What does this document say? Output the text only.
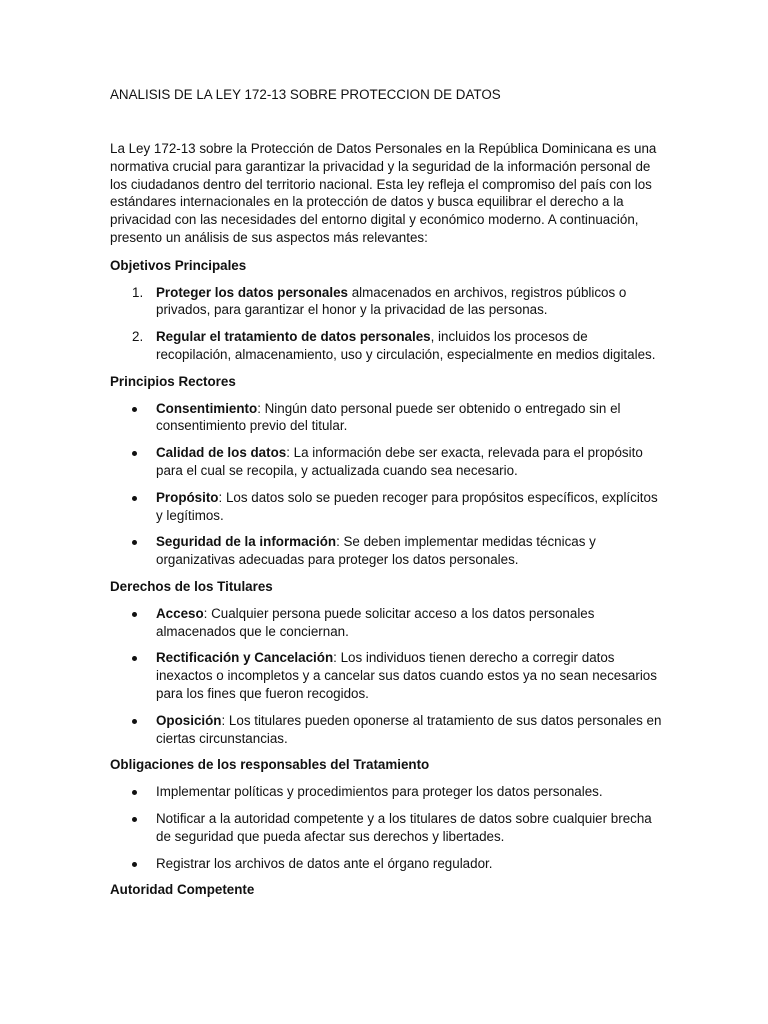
ANALISIS DE LA LEY 172-13 SOBRE PROTECCION DE DATOS

La Ley 172-13 sobre la Protección de Datos Personales en la República Dominicana es una normativa crucial para garantizar la privacidad y la seguridad de la información personal de los ciudadanos dentro del territorio nacional. Esta ley refleja el compromiso del país con los estándares internacionales en la protección de datos y busca equilibrar el derecho a la privacidad con las necesidades del entorno digital y económico moderno. A continuación, presento un análisis de sus aspectos más relevantes:

Objetivos Principales

1. Proteger los datos personales almacenados en archivos, registros públicos o privados, para garantizar el honor y la privacidad de las personas.
2. Regular el tratamiento de datos personales, incluidos los procesos de recopilación, almacenamiento, uso y circulación, especialmente en medios digitales.

Principios Rectores

Consentimiento: Ningún dato personal puede ser obtenido o entregado sin el consentimiento previo del titular.
Calidad de los datos: La información debe ser exacta, relevada para el propósito para el cual se recopila, y actualizada cuando sea necesario.
Propósito: Los datos solo se pueden recoger para propósitos específicos, explícitos y legítimos.
Seguridad de la información: Se deben implementar medidas técnicas y organizativas adecuadas para proteger los datos personales.

Derechos de los Titulares

Acceso: Cualquier persona puede solicitar acceso a los datos personales almacenados que le conciernan.
Rectificación y Cancelación: Los individuos tienen derecho a corregir datos inexactos o incompletos y a cancelar sus datos cuando estos ya no sean necesarios para los fines que fueron recogidos.
Oposición: Los titulares pueden oponerse al tratamiento de sus datos personales en ciertas circunstancias.

Obligaciones de los responsables del Tratamiento

Implementar políticas y procedimientos para proteger los datos personales.
Notificar a la autoridad competente y a los titulares de datos sobre cualquier brecha de seguridad que pueda afectar sus derechos y libertades.
Registrar los archivos de datos ante el órgano regulador.

Autoridad Competente
